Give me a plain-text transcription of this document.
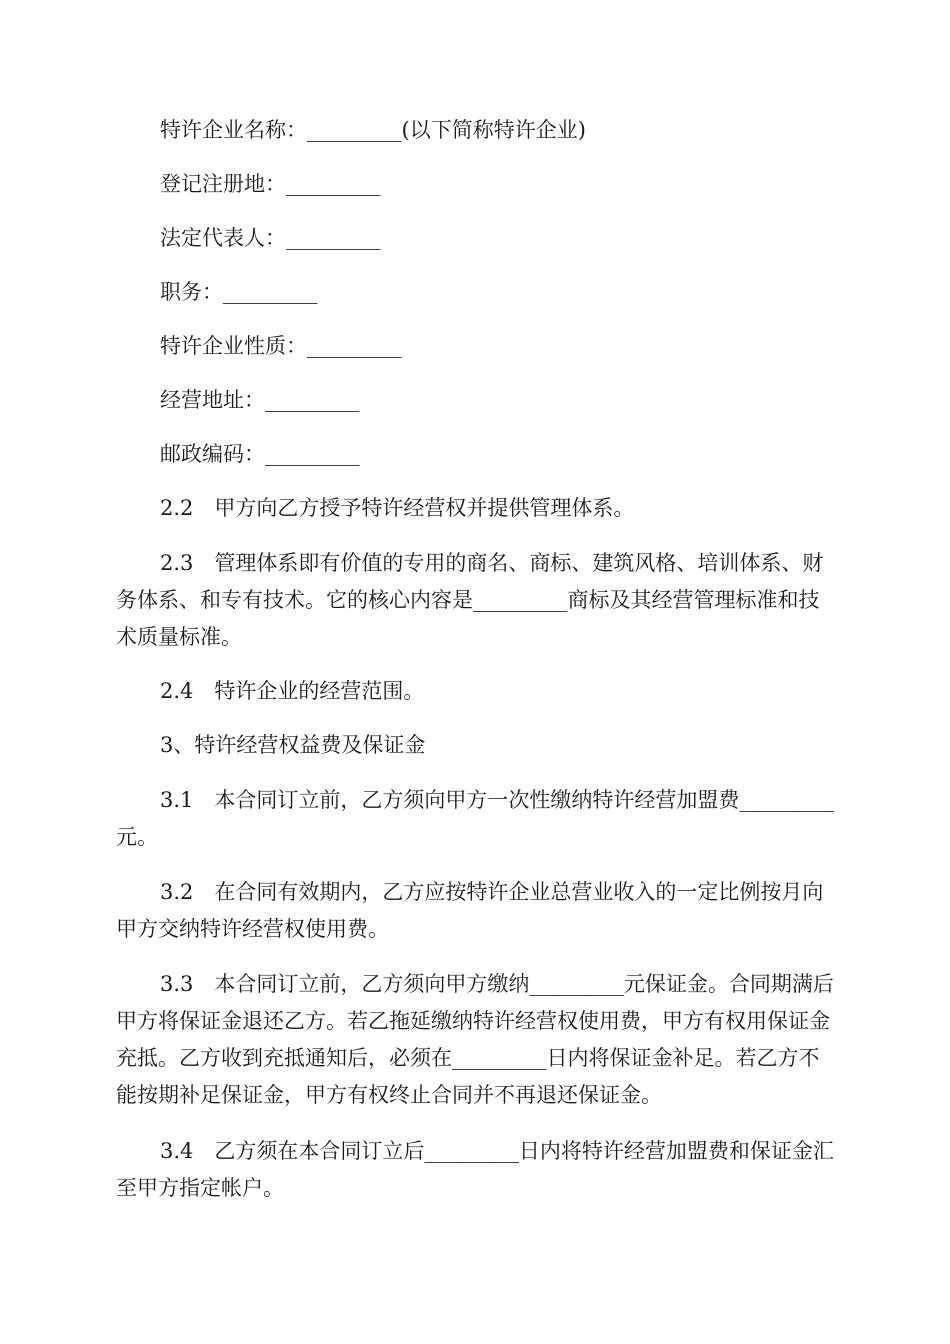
特许企业名称：_________(以下简称特许企业)

登记注册地：_________

法定代表人：_________

职务：_________

特许企业性质：_________

经营地址：_________

邮政编码：_________

2.2　甲方向乙方授予特许经营权并提供管理体系。

2.3　管理体系即有价值的专用的商名、商标、建筑风格、培训体系、财务体系、和专有技术。它的核心内容是_________商标及其经营管理标准和技术质量标准。

2.4　特许企业的经营范围。

3、特许经营权益费及保证金

3.1　本合同订立前，乙方须向甲方一次性缴纳特许经营加盟费_________元。

3.2　在合同有效期内，乙方应按特许企业总营业收入的一定比例按月向甲方交纳特许经营权使用费。

3.3　本合同订立前，乙方须向甲方缴纳_________元保证金。合同期满后甲方将保证金退还乙方。若乙拖延缴纳特许经营权使用费，甲方有权用保证金充抵。乙方收到充抵通知后，必须在_________日内将保证金补足。若乙方不能按期补足保证金，甲方有权终止合同并不再退还保证金。

3.4　乙方须在本合同订立后_________日内将特许经营加盟费和保证金汇至甲方指定帐户。
